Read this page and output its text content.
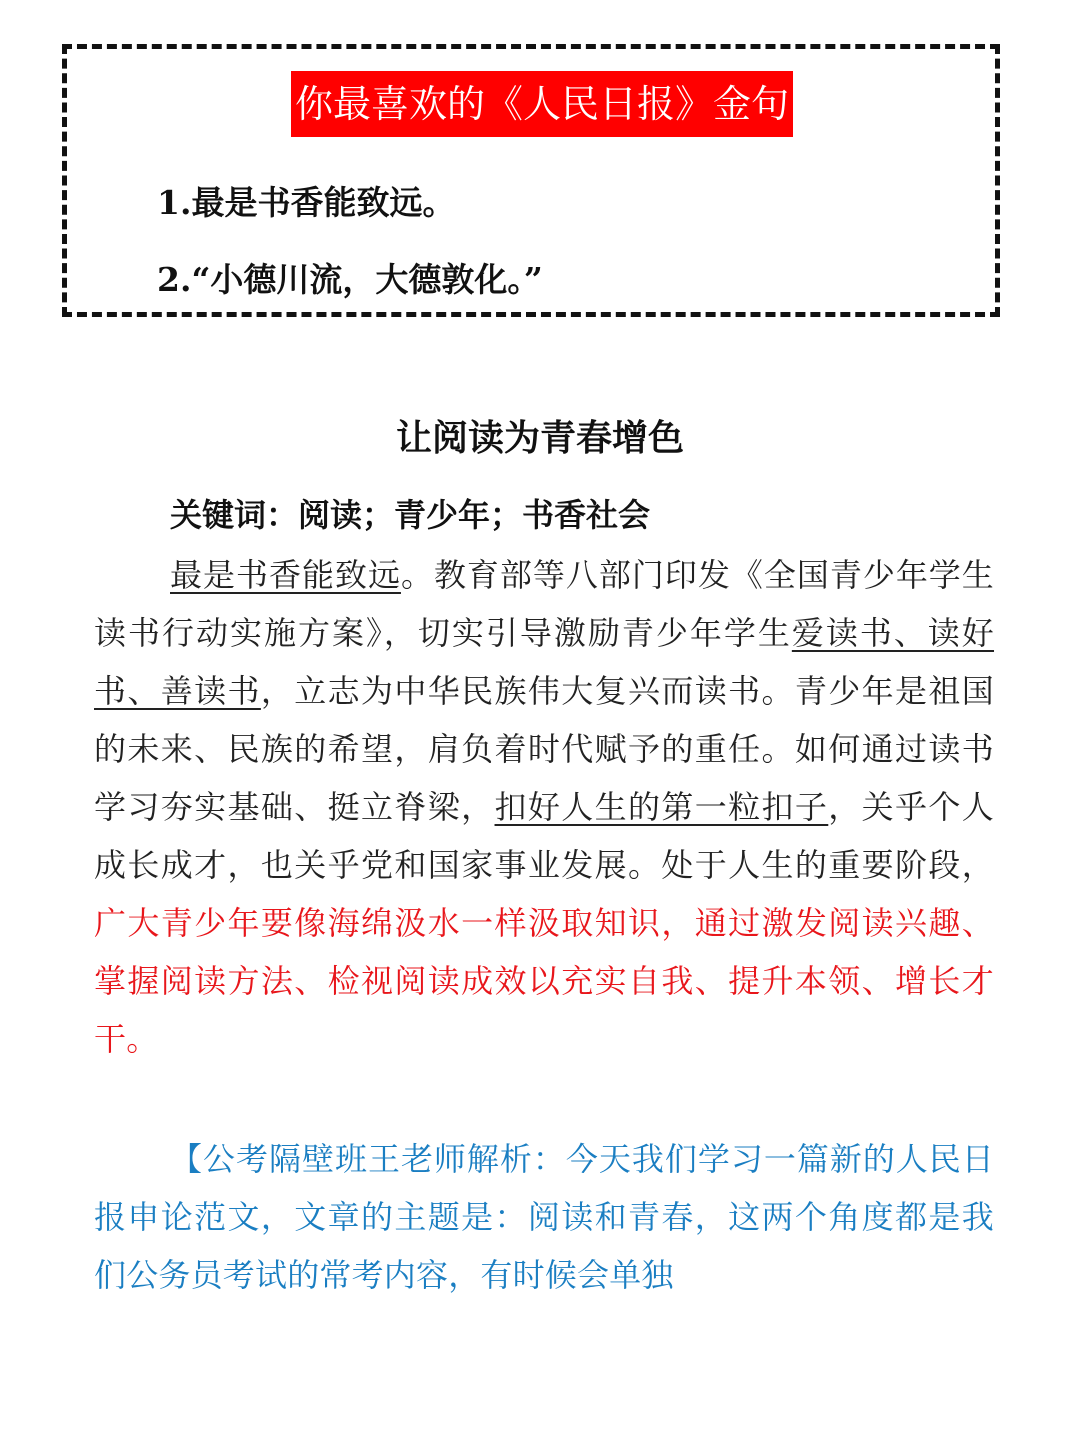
你最喜欢的《人民日报》金句
1.最是书香能致远。
2.“小德川流，大德敦化。”
让阅读为青春增色
关键词：阅读；青少年；书香社会
最是书香能致远。教育部等八部门印发《全国青少年学生读书行动实施方案》，切实引导激励青少年学生爱读书、读好书、善读书，立志为中华民族伟大复兴而读书。青少年是祖国的未来、民族的希望，肩负着时代赋予的重任。如何通过读书学习夯实基础、挺立脊梁，扣好人生的第一粒扣子，关乎个人成长成才，也关乎党和国家事业发展。处于人生的重要阶段，广大青少年要像海绵汲水一样汲取知识，通过激发阅读兴趣、掌握阅读方法、检视阅读成效以充实自我、提升本领、增长才干。
【公考隔壁班王老师解析：今天我们学习一篇新的人民日报申论范文，文章的主题是：阅读和青春，这两个角度都是我们公务员考试的常考内容，有时候会单独
